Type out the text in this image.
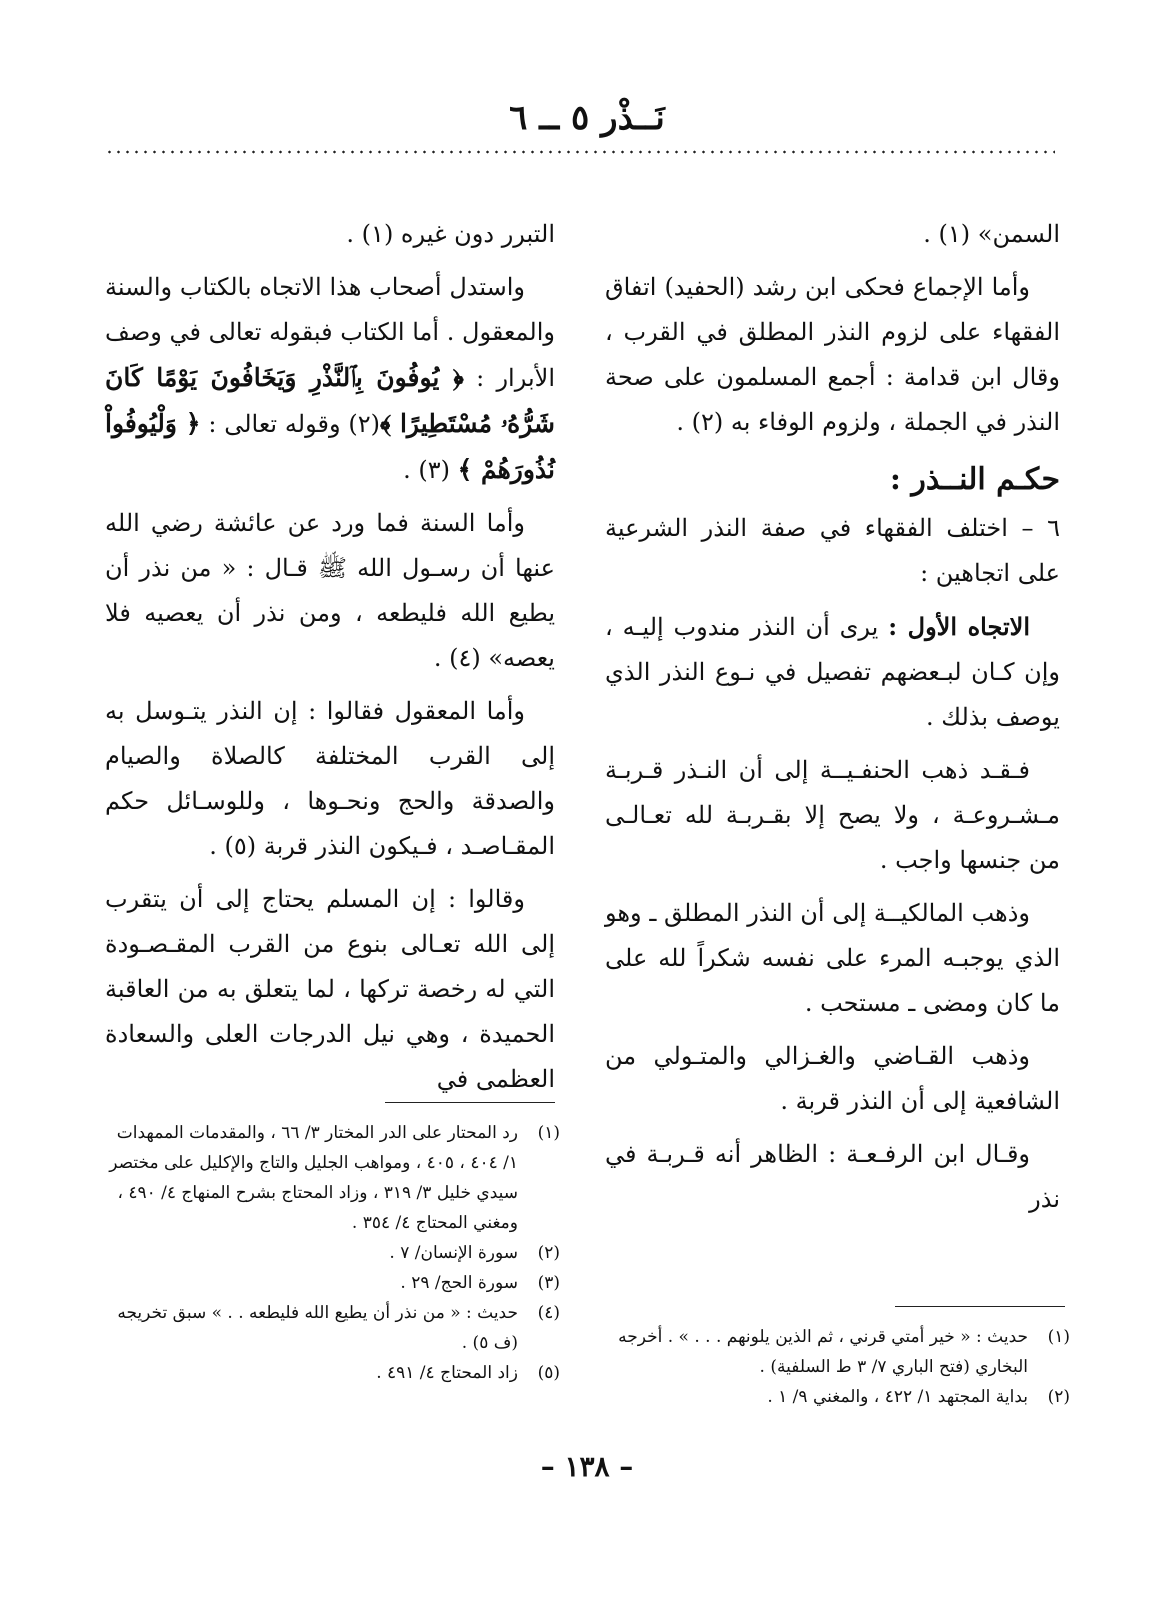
نَــذْر ٥ ــ ٦

السمن» (١) .

وأما الإجماع فحكى ابن رشد (الحفيد) اتفاق الفقهاء على لزوم النذر المطلق في القرب ، وقال ابن قدامة : أجمع المسلمون على صحة النذر في الجملة ، ولزوم الوفاء به (٢) .

حكـم النــذر :

٦ – اختلف الفقهاء في صفة النذر الشرعية على اتجاهين :

الاتجاه الأول : يرى أن النذر مندوب إليـه ، وإن كـان لبـعضهم تفصيل في نـوع النذر الذي يوصف بذلك .

فـقـد ذهب الحنفـيــة إلى أن النـذر قـربـة مـشـروعـة ، ولا يصح إلا بقـربـة لله تعـالـى من جنسها واجب .

وذهب المالكيــة إلى أن النذر المطلق ـ وهو الذي يوجبـه المرء على نفسه شكراً لله على ما كان ومضى ـ مستحب .

وذهب القـاضي والغـزالي والمتـولي من الشافعية إلى أن النذر قربة .

وقـال ابن الرفـعـة : الظاهر أنه قـربـة في نذر

التبرر دون غيره (١) .

واستدل أصحاب هذا الاتجاه بالكتاب والسنة والمعقول . أما الكتاب فبقوله تعالى في وصف الأبرار : ﴿ يُوفُونَ بِٱلنَّذْرِ وَيَخَافُونَ يَوْمًا كَانَ شَرُّهُۥ مُسْتَطِيرًا ﴾(٢) وقوله تعالى : ﴿ وَلْيُوفُواْ نُذُورَهُمْ ﴾ (٣) .

وأما السنة فما ورد عن عائشة رضي الله عنها أن رسـول الله ﷺ قـال : « من نذر أن يطيع الله فليطعه ، ومن نذر أن يعصيه فلا يعصه» (٤) .

وأما المعقول فقالوا : إن النذر يتـوسل به إلى القرب المختلفة كالصلاة والصيام والصدقة والحج ونحـوها ، وللوسـائل حكم المقـاصـد ، فـيكون النذر قربة (٥) .

وقالوا : إن المسلم يحتاج إلى أن يتقرب إلى الله تعـالى بنوع من القرب المقـصـودة التي له رخصة تركها ، لما يتعلق به من العاقبة الحميدة ، وهي نيل الدرجات العلى والسعادة العظمى في

(١)
رد المحتار على الدر المختار ٣/ ٦٦ ، والمقدمات الممهدات ١/ ٤٠٤ ، ٤٠٥ ، ومواهب الجليل والتاج والإكليل على مختصر سيدي خليل ٣/ ٣١٩ ، وزاد المحتاج بشرح المنهاج ٤/ ٤٩٠ ، ومغني المحتاج ٤/ ٣٥٤ .
(٢)
سورة الإنسان/ ٧ .
(٣)
سورة الحج/ ٢٩ .
(٤)
حديث : « من نذر أن يطيع الله فليطعه . . » سبق تخريجه (ف ٥) .
(٥)
زاد المحتاج ٤/ ٤٩١ .
(١)
حديث : « خير أمتي قرني ، ثم الذين يلونهم . . . » . أخرجه البخاري (فتح الباري ٧/ ٣ ط السلفية) .
(٢)
بداية المجتهد ١/ ٤٢٢ ، والمغني ٩/ ١ .
– ١٣٨ –
